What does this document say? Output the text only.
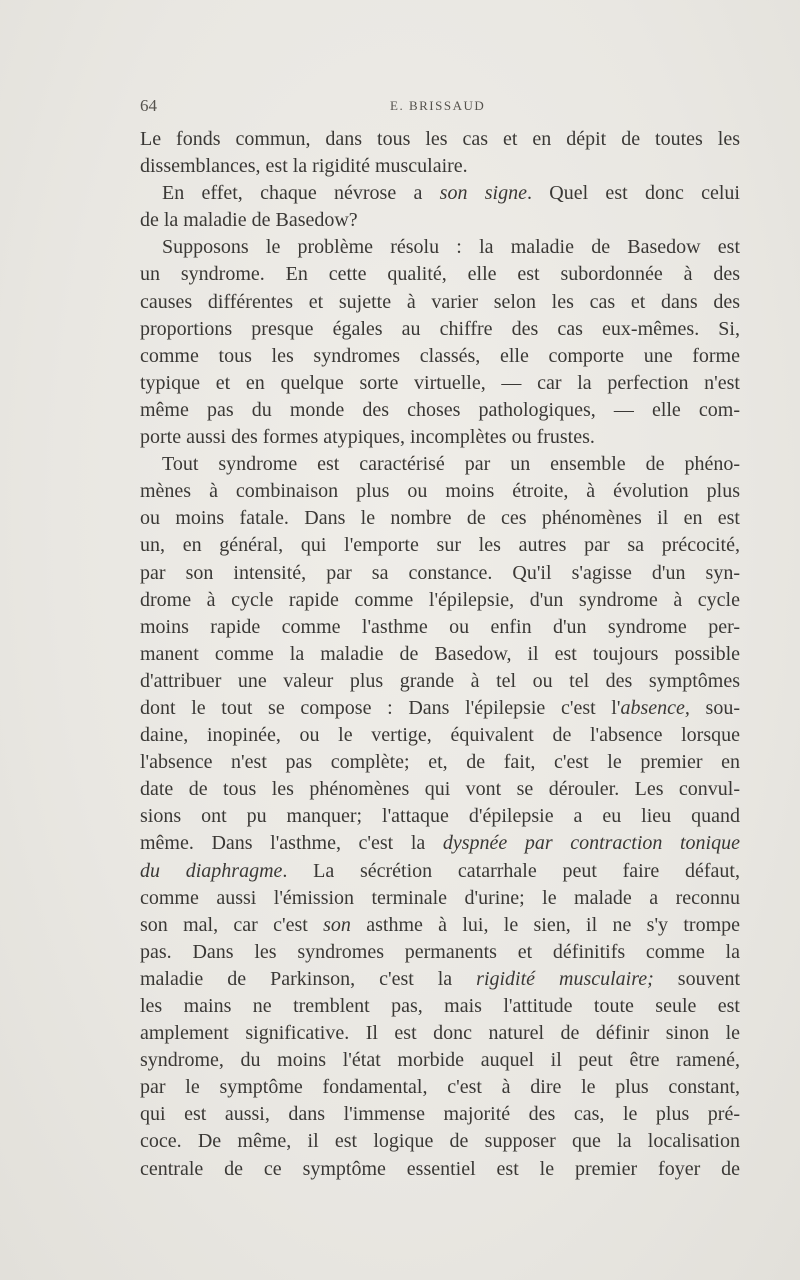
64	E. BRISSAUD
Le fonds commun, dans tous les cas et en dépit de toutes les
dissemblances, est la rigidité musculaire.
En effet, chaque névrose a son signe. Quel est donc celui
de la maladie de Basedow?
Supposons le problème résolu : la maladie de Basedow est
un syndrome. En cette qualité, elle est subordonnée à des
causes différentes et sujette à varier selon les cas et dans des
proportions presque égales au chiffre des cas eux-mêmes. Si,
comme tous les syndromes classés, elle comporte une forme
typique et en quelque sorte virtuelle, — car la perfection n'est
même pas du monde des choses pathologiques, — elle com-
porte aussi des formes atypiques, incomplètes ou frustes.
Tout syndrome est caractérisé par un ensemble de phéno-
mènes à combinaison plus ou moins étroite, à évolution plus
ou moins fatale. Dans le nombre de ces phénomènes il en est
un, en général, qui l'emporte sur les autres par sa précocité,
par son intensité, par sa constance. Qu'il s'agisse d'un syn-
drome à cycle rapide comme l'épilepsie, d'un syndrome à cycle
moins rapide comme l'asthme ou enfin d'un syndrome per-
manent comme la maladie de Basedow, il est toujours possible
d'attribuer une valeur plus grande à tel ou tel des symptômes
dont le tout se compose : Dans l'épilepsie c'est l'absence, sou-
daine, inopinée, ou le vertige, équivalent de l'absence lorsque
l'absence n'est pas complète; et, de fait, c'est le premier en
date de tous les phénomènes qui vont se dérouler. Les convul-
sions ont pu manquer; l'attaque d'épilepsie a eu lieu quand
même. Dans l'asthme, c'est la dyspnée par contraction tonique
du diaphragme. La sécrétion catarrhale peut faire défaut,
comme aussi l'émission terminale d'urine; le malade a reconnu
son mal, car c'est son asthme à lui, le sien, il ne s'y trompe
pas. Dans les syndromes permanents et définitifs comme la
maladie de Parkinson, c'est la rigidité musculaire; souvent
les mains ne tremblent pas, mais l'attitude toute seule est
amplement significative. Il est donc naturel de définir sinon le
syndrome, du moins l'état morbide auquel il peut être ramené,
par le symptôme fondamental, c'est à dire le plus constant,
qui est aussi, dans l'immense majorité des cas, le plus pré-
coce. De même, il est logique de supposer que la localisation
centrale de ce symptôme essentiel est le premier foyer de
